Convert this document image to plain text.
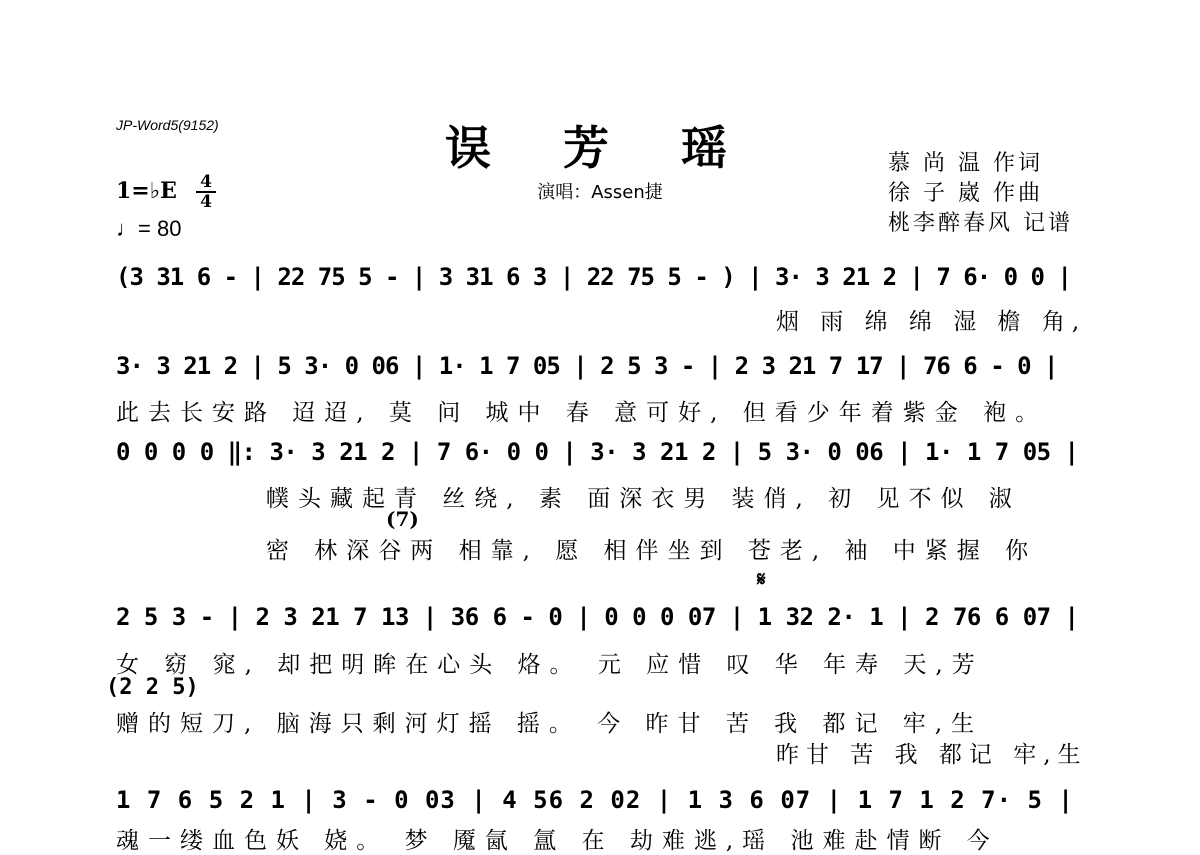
JP-Word5(9152)	误 芳 瑶
演唱：Assen捷
慕 尚 温 作词
徐 子 崴 作曲
桃李醉春风 记谱
1=♭E 4
4
♩= 80
(3 31 6 - | 22 75 5 - | 3 31 6 3 | 22 75 5 - ) | 3· 3 21 2 | 7 6· 0 0 |
烟 雨 绵 绵 湿 檐 角,
3· 3 21 2 | 5 3· 0 06 | 1· 1 7 05 | 2 5 3 - | 2 3 21 7 17 | 76 6 - 0 |
此去长安路 迢迢, 莫 问 城中 春 意可好, 但看少年着紫金 袍。
0 0 0 0 ‖: 3· 3 21 2 | 7 6· 0 0 | 3· 3 21 2 | 5 3· 0 06 | 1· 1 7 05 |
幞头藏起青 丝绕, 素 面深衣男 装俏, 初 见不似 淑
(7)
密 林深谷两 相靠, 愿 相伴坐到 苍老, 袖 中紧握 你
𝄋
2 5 3 - | 2 3 21 7 13 | 36 6 - 0 | 0 0 0 07 | 1 32 2· 1 | 2 76 6 07 |
女 窈 窕, 却把明眸在心头 烙。 元 应惜 叹 华 年寿 天,芳
(2 2 5)
赠的短刀, 脑海只剩河灯摇 摇。 今 昨甘 苦 我 都记 牢,生
昨甘 苦 我 都记 牢,生
1 7 6 5 2 1 | 3 - 0 03 | 4 56 2 02 | 1 3 6 07 | 1 7 1 2 7· 5 |
魂一缕血色妖 娆。 梦 魇氤 氲 在 劫难逃,瑶 池难赴情断 今
